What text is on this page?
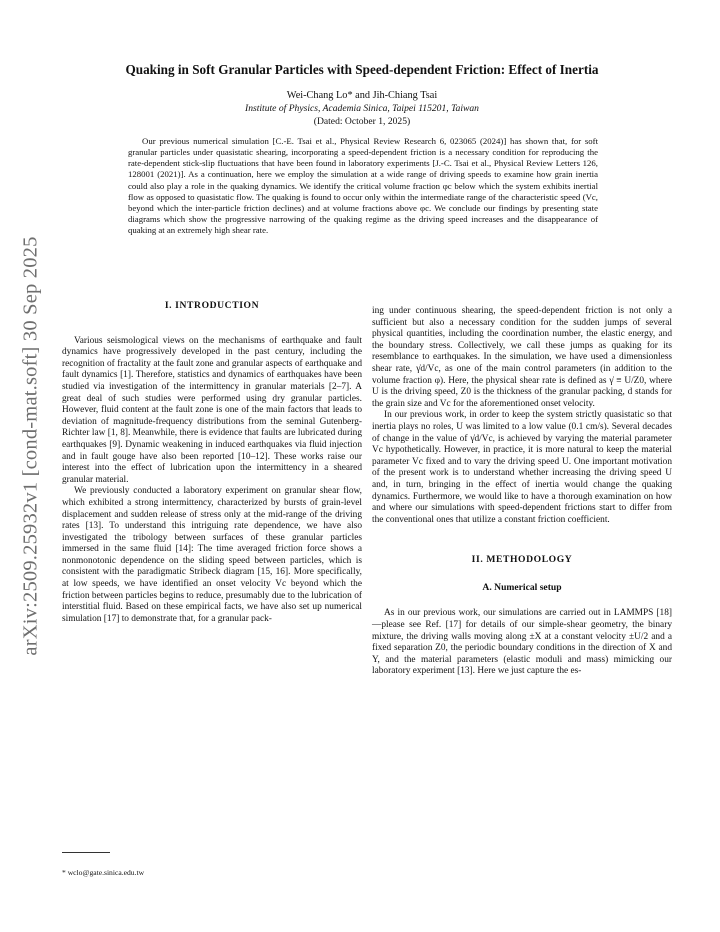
arXiv:2509.25932v1 [cond-mat.soft] 30 Sep 2025
Quaking in Soft Granular Particles with Speed-dependent Friction: Effect of Inertia
Wei-Chang Lo* and Jih-Chiang Tsai
Institute of Physics, Academia Sinica, Taipei 115201, Taiwan
(Dated: October 1, 2025)
Our previous numerical simulation [C.-E. Tsai et al., Physical Review Research 6, 023065 (2024)] has shown that, for soft granular particles under quasistatic shearing, incorporating a speed-dependent friction is a necessary condition for reproducing the rate-dependent stick-slip fluctuations that have been found in laboratory experiments [J.-C. Tsai et al., Physical Review Letters 126, 128001 (2021)]. As a continuation, here we employ the simulation at a wide range of driving speeds to examine how grain inertia could also play a role in the quaking dynamics. We identify the critical volume fraction φc below which the system exhibits inertial flow as opposed to quasistatic flow. The quaking is found to occur only within the intermediate range of the characteristic speed (Vc, beyond which the inter-particle friction declines) and at volume fractions above φc. We conclude our findings by presenting state diagrams which show the progressive narrowing of the quaking regime as the driving speed increases and the disappearance of quaking at an extremely high shear rate.
I. INTRODUCTION

Various seismological views on the mechanisms of earthquake and fault dynamics have progressively developed in the past century, including the recognition of fractality at the fault zone and granular aspects of earthquake and fault dynamics [1]. Therefore, statistics and dynamics of earthquakes have been studied via investigation of the intermittency in granular materials [2–7]. A great deal of such studies were performed using dry granular particles. However, fluid content at the fault zone is one of the main factors that leads to deviation of magnitude-frequency distributions from the seminal Gutenberg-Richter law [1, 8]. Meanwhile, there is evidence that faults are lubricated during earthquakes [9]. Dynamic weakening in induced earthquakes via fluid injection and in fault gouge have also been reported [10–12]. These works raise our interest into the effect of lubrication upon the intermittency in a sheared granular material.

We previously conducted a laboratory experiment on granular shear flow, which exhibited a strong intermittency, characterized by bursts of grain-level displacement and sudden release of stress only at the mid-range of the driving rates [13]. To understand this intriguing rate dependence, we have also investigated the tribology between surfaces of these granular particles immersed in the same fluid [14]: The time averaged friction force shows a nonmonotonic dependence on the sliding speed between particles, which is consistent with the paradigmatic Stribeck diagram [15, 16]. More specifically, at low speeds, we have identified an onset velocity Vc beyond which the friction between particles begins to reduce, presumably due to the lubrication of interstitial fluid. Based on these empirical facts, we have also set up numerical simulation [17] to demonstrate that, for a granular pack-

ing under continuous shearing, the speed-dependent friction is not only a sufficient but also a necessary condition for the sudden jumps of several physical quantities, including the coordination number, the elastic energy, and the boundary stress. Collectively, we call these jumps as quaking for its resemblance to earthquakes. In the simulation, we have used a dimensionless shear rate, γ̇d/Vc, as one of the main control parameters (in addition to the volume fraction φ). Here, the physical shear rate is defined as γ̇ ≡ U/Z0, where U is the driving speed, Z0 is the thickness of the granular packing, d stands for the grain size and Vc for the aforementioned onset velocity.

In our previous work, in order to keep the system strictly quasistatic so that inertia plays no roles, U was limited to a low value (0.1 cm/s). Several decades of change in the value of γ̇d/Vc, is achieved by varying the material parameter Vc hypothetically. However, in practice, it is more natural to keep the material parameter Vc fixed and to vary the driving speed U. One important motivation of the present work is to understand whether increasing the driving speed U and, in turn, bringing in the effect of inertia would change the quaking dynamics. Furthermore, we would like to have a thorough examination on how and where our simulations with speed-dependent frictions start to differ from the conventional ones that utilize a constant friction coefficient.

II. METHODOLOGY
A. Numerical setup

As in our previous work, our simulations are carried out in LAMMPS [18]—please see Ref. [17] for details of our simple-shear geometry, the binary mixture, the driving walls moving along ±X at a constant velocity ±U/2 and a fixed separation Z0, the periodic boundary conditions in the direction of X and Y, and the material parameters (elastic moduli and mass) mimicking our laboratory experiment [13]. Here we just capture the es-

* wclo@gate.sinica.edu.tw
